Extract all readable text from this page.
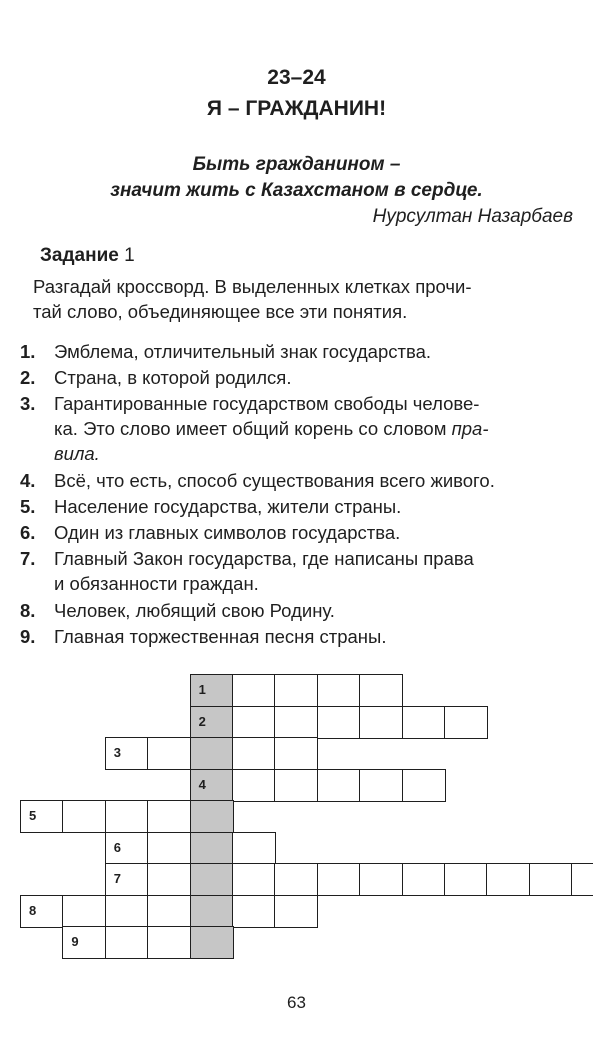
23–24
Я – ГРАЖДАНИН!
Быть гражданином –
значит жить с Казахстаном в сердце.
Нурсултан Назарбаев
Задание 1
Разгадай кроссворд. В выделенных клетках прочи-
тай слово, объединяющее все эти понятия.
1. Эмблема, отличительный знак государства.
2. Страна, в которой родился.
3. Гарантированные государством свободы челове-
ка. Это слово имеет общий корень со словом пра-
вила.
4. Всё, что есть, способ существования всего живого.
5. Население государства, жители страны.
6. Один из главных символов государства.
7. Главный Закон государства, где написаны права
и обязанности граждан.
8. Человек, любящий свою Родину.
9. Главная торжественная песня страны.
1
2
3
4
5
6
7
8
9
63
